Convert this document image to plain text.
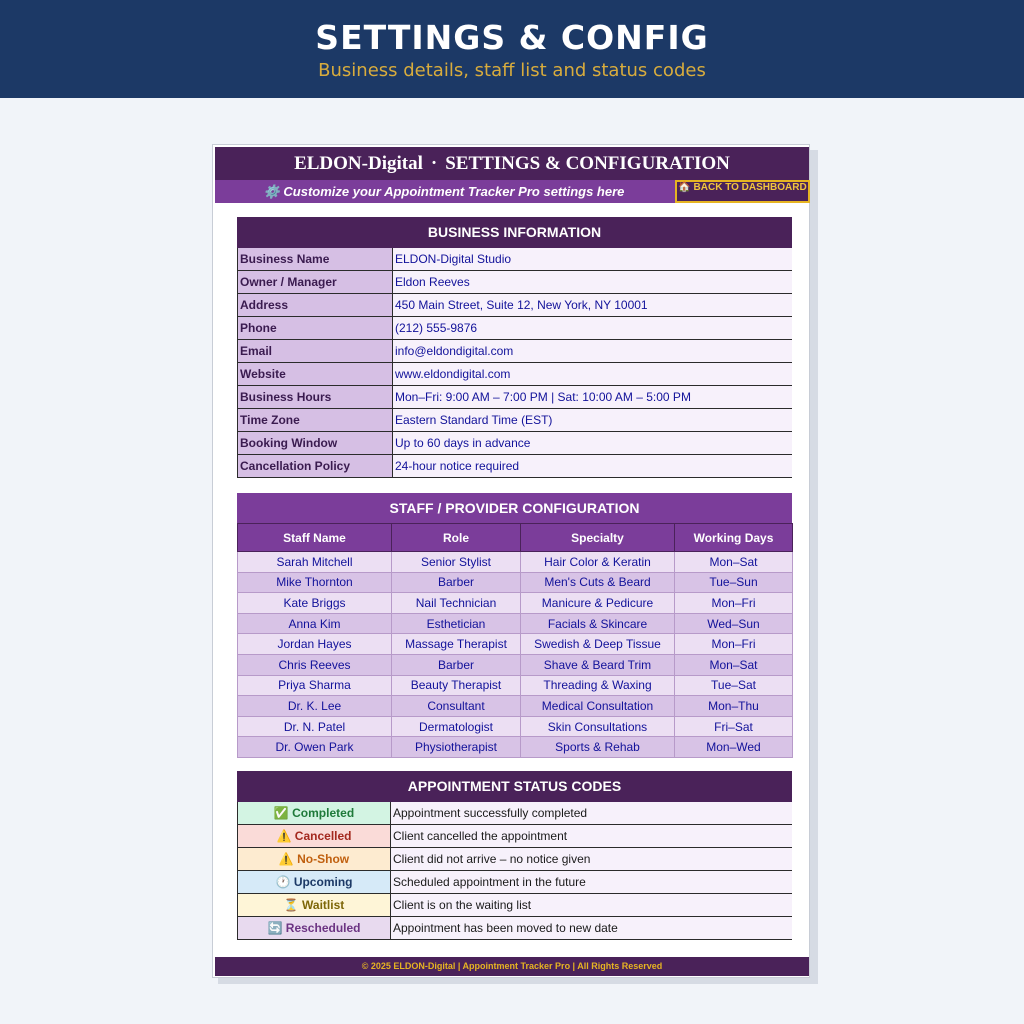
SETTINGS & CONFIG
Business details, staff list and status codes
ELDON-Digital · SETTINGS & CONFIGURATION
⚙️ Customize your Appointment Tracker Pro settings here	🏠 BACK TO DASHBOARD
© 2025 ELDON-Digital | Appointment Tracker Pro | All Rights Reserved
BUSINESS INFORMATION
Business Name	ELDON-Digital Studio
Owner / Manager	Eldon Reeves
Address	450 Main Street, Suite 12, New York, NY 10001
Phone	(212) 555-9876
Email	info@eldondigital.com
Website	www.eldondigital.com
Business Hours	Mon–Fri: 9:00 AM – 7:00 PM | Sat: 10:00 AM – 5:00 PM
Time Zone	Eastern Standard Time (EST)
Booking Window	Up to 60 days in advance
Cancellation Policy	24-hour notice required
STAFF / PROVIDER CONFIGURATION
Staff Name	Role	Specialty	Working Days
Sarah Mitchell	Senior Stylist	Hair Color & Keratin	Mon–Sat
Mike Thornton	Barber	Men's Cuts & Beard	Tue–Sun
Kate Briggs	Nail Technician	Manicure & Pedicure	Mon–Fri
Anna Kim	Esthetician	Facials & Skincare	Wed–Sun
Jordan Hayes	Massage Therapist	Swedish & Deep Tissue	Mon–Fri
Chris Reeves	Barber	Shave & Beard Trim	Mon–Sat
Priya Sharma	Beauty Therapist	Threading & Waxing	Tue–Sat
Dr. K. Lee	Consultant	Medical Consultation	Mon–Thu
Dr. N. Patel	Dermatologist	Skin Consultations	Fri–Sat
Dr. Owen Park	Physiotherapist	Sports & Rehab	Mon–Wed
APPOINTMENT STATUS CODES
✅ Completed	Appointment successfully completed
⚠️ Cancelled	Client cancelled the appointment
⚠️ No-Show	Client did not arrive – no notice given
🕐 Upcoming	Scheduled appointment in the future
⏳ Waitlist	Client is on the waiting list
🔄 Rescheduled	Appointment has been moved to new date
